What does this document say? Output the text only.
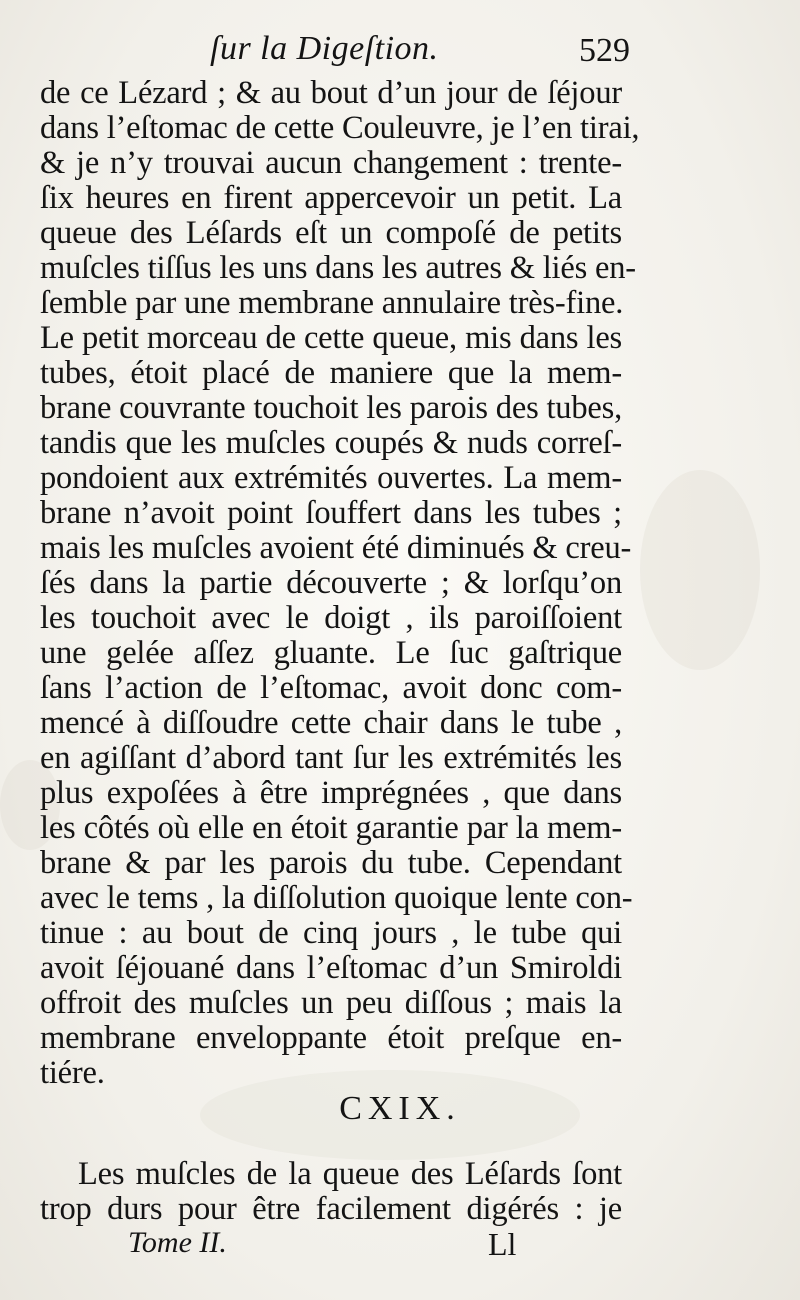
ſur la Digeſtion.	529
de ce Lézard ; & au bout d’un jour de ſéjour
dans l’eſtomac de cette Couleuvre, je l’en tirai,
& je n’y trouvai aucun changement : trente-
ſix heures en firent appercevoir un petit. La
queue des Léſards eſt un compoſé de petits
muſcles tiſſus les uns dans les autres & liés en-
ſemble par une membrane annulaire très-fine.
Le petit morceau de cette queue, mis dans les
tubes, étoit placé de maniere que la mem-
brane couvrante touchoit les parois des tubes,
tandis que les muſcles coupés & nuds correſ-
pondoient aux extrémités ouvertes. La mem-
brane n’avoit point ſouffert dans les tubes ;
mais les muſcles avoient été diminués & creu-
ſés dans la partie découverte ; & lorſqu’on
les touchoit avec le doigt , ils paroiſſoient
une gelée aſſez gluante. Le ſuc gaſtrique
ſans l’action de l’eſtomac, avoit donc com-
mencé à diſſoudre cette chair dans le tube ,
en agiſſant d’abord tant ſur les extrémités les
plus expoſées à être imprégnées , que dans
les côtés où elle en étoit garantie par la mem-
brane & par les parois du tube. Cependant
avec le tems , la diſſolution quoique lente con-
tinue : au bout de cinq jours , le tube qui
avoit ſéjouané dans l’eſtomac d’un Smiroldi
offroit des muſcles un peu diſſous ; mais la
membrane enveloppante étoit preſque en-
tiére.
CXIX.
Les muſcles de la queue des Léſards ſont
trop durs pour être facilement digérés : je
Tome II.	Ll
